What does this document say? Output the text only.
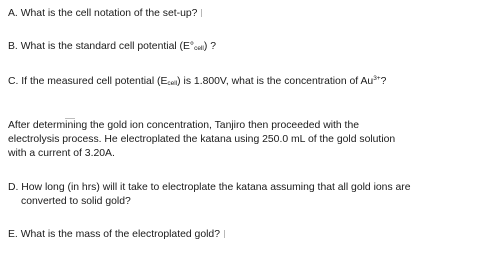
A. What is the cell notation of the set-up?
B. What is the standard cell potential (E°cell) ?
C. If the measured cell potential (Ecell) is 1.800V, what is the concentration of $Au^{3+}$?
After determining the gold ion concentration, Tanjiro then proceeded with the
electrolysis process. He electroplated the katana using 250.0 mL of the gold solution
with a current of 3.20A.
D. How long (in hrs) will it take to electroplate the katana assuming that all gold ions are
converted to solid gold?
E. What is the mass of the electroplated gold?
